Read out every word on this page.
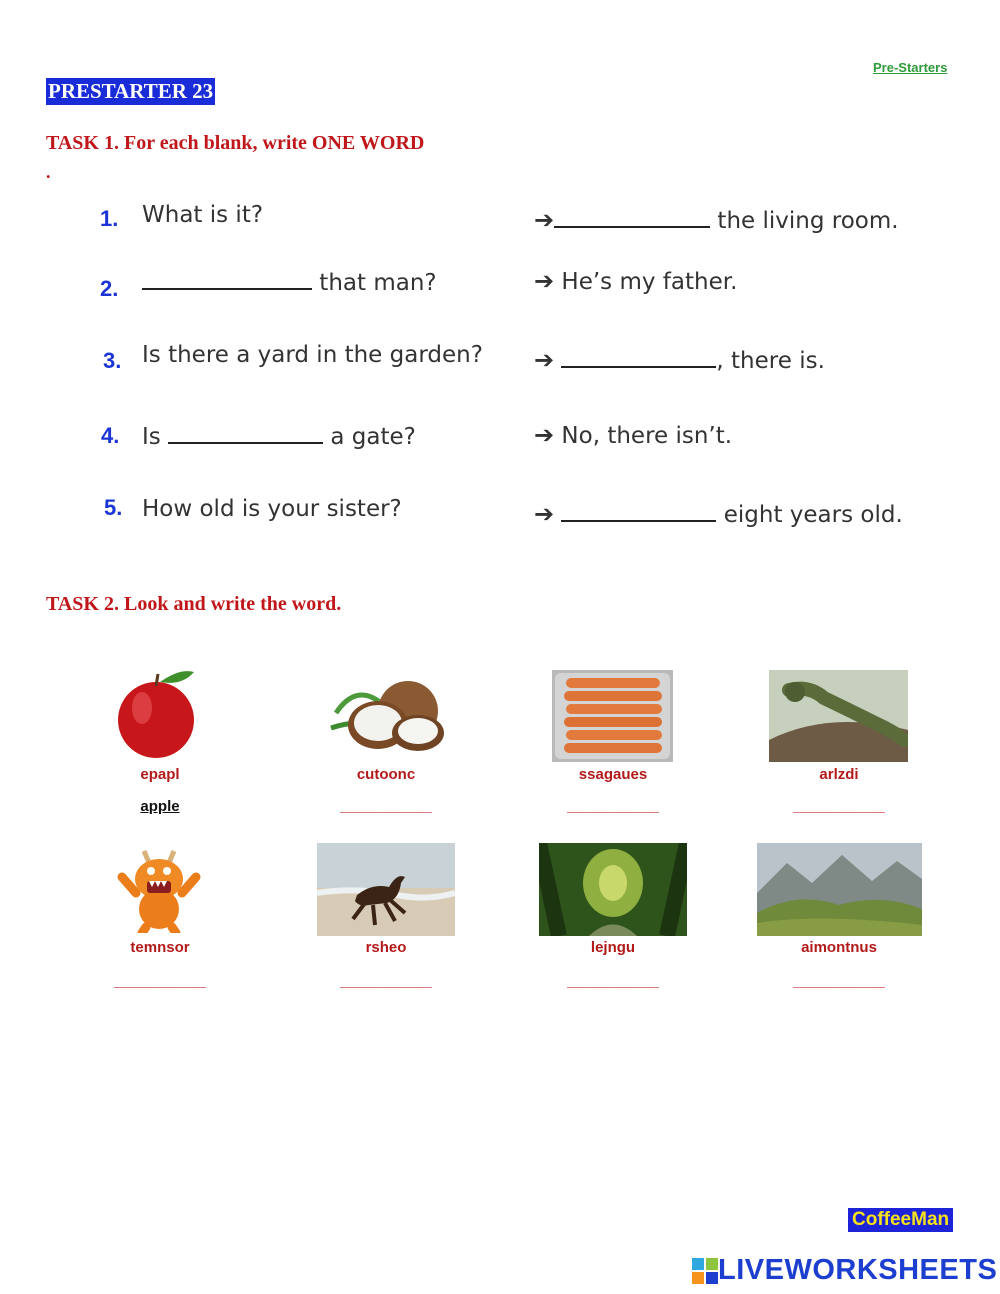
Pre-Starters
PRESTARTER 23
TASK 1. For each blank, write ONE WORD
.
1. What is it?	➔	the living room.
2.	that man?	➔ He’s my father.
3. Is there a yard in the garden? ➔	, there is.
4. Is	a gate?	➔ No, there isn’t.
5. How old is your sister?	➔	eight years old.
TASK 2. Look and write the word.
epapl	cutoonc	ssagaues	arlzdi
apple	___________	___________	___________
temnsor	rsheo	lejngu	aimontnus
___________	___________	___________	___________
CoffeeMan
LIVEWORKSHEETS
